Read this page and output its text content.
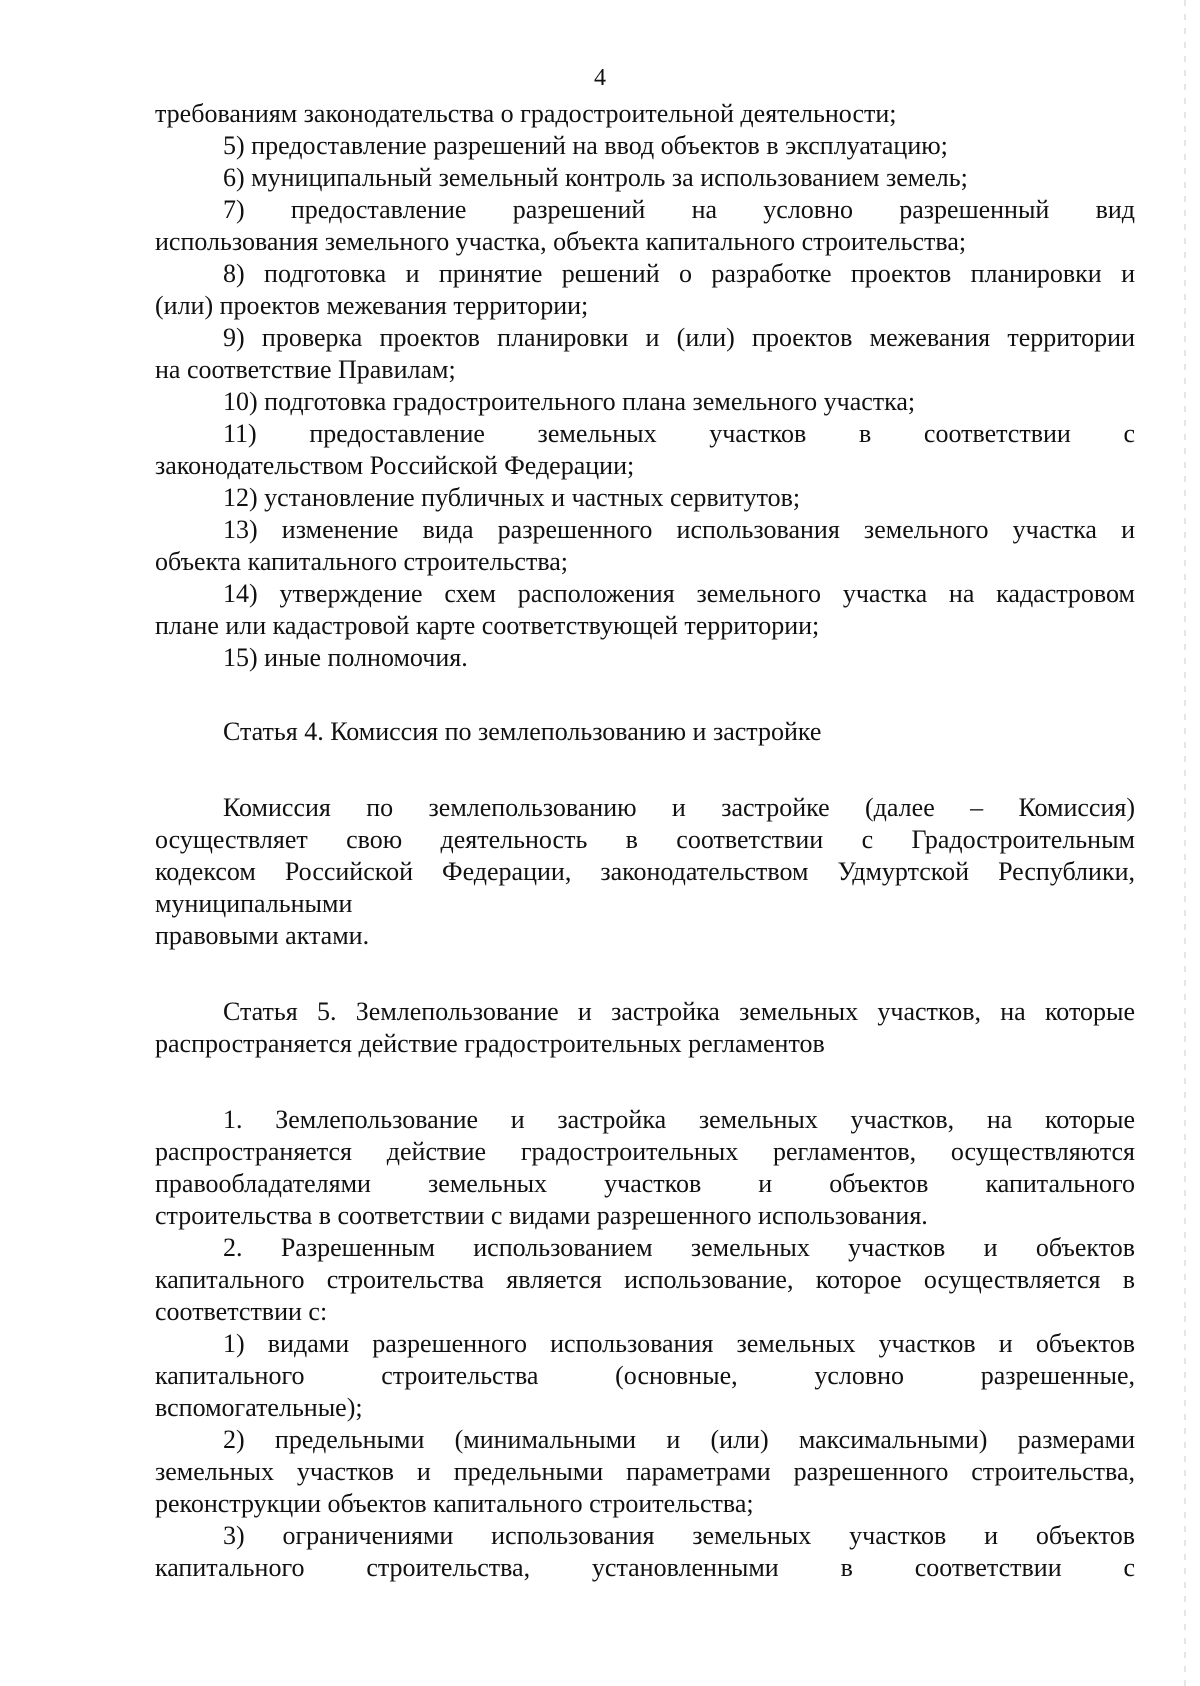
4
требованиям законодательства о градостроительной деятельности;
5) предоставление разрешений на ввод объектов в эксплуатацию;
6) муниципальный земельный контроль за использованием земель;
7) предоставление разрешений на условно разрешенный вид
использования земельного участка, объекта капитального строительства;
8) подготовка и принятие решений о разработке проектов планировки и
(или) проектов межевания территории;
9) проверка проектов планировки и (или) проектов межевания территории
на соответствие Правилам;
10) подготовка градостроительного плана земельного участка;
11) предоставление земельных участков в соответствии с
законодательством Российской Федерации;
12) установление публичных и частных сервитутов;
13) изменение вида разрешенного использования земельного участка и
объекта капитального строительства;
14) утверждение схем расположения земельного участка на кадастровом
плане или кадастровой карте соответствующей территории;
15) иные полномочия.
Статья 4. Комиссия по землепользованию и застройке
Комиссия по землепользованию и застройке (далее – Комиссия)
осуществляет свою деятельность в соответствии с Градостроительным
кодексом Российской Федерации, законодательством Удмуртской Республики,
муниципальными
правовыми актами.
Статья 5. Землепользование и застройка земельных участков, на которые
распространяется действие градостроительных регламентов
1. Землепользование и застройка земельных участков, на которые
распространяется действие градостроительных регламентов, осуществляются
правообладателями земельных участков и объектов капитального
строительства в соответствии с видами разрешенного использования.
2. Разрешенным использованием земельных участков и объектов
капитального строительства является использование, которое осуществляется в
соответствии с:
1) видами разрешенного использования земельных участков и объектов
капитального строительства (основные, условно разрешенные,
вспомогательные);
2) предельными (минимальными и (или) максимальными) размерами
земельных участков и предельными параметрами разрешенного строительства,
реконструкции объектов капитального строительства;
3) ограничениями использования земельных участков и объектов
капитального строительства, установленными в соответствии с
